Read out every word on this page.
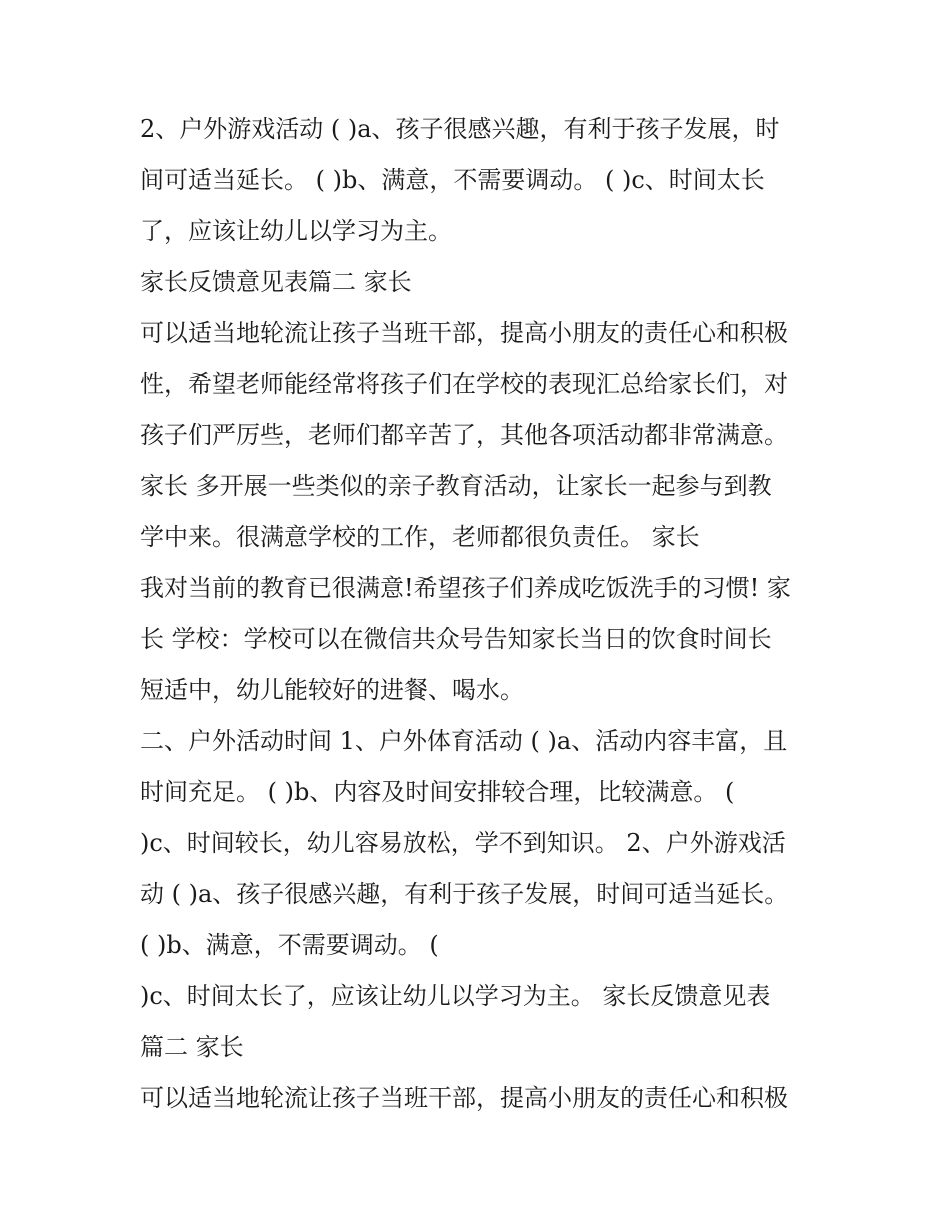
2、户外游戏活动 ( )a、孩子很感兴趣，有利于孩子发展，时
间可适当延长。 ( )b、满意，不需要调动。 ( )c、时间太长
了，应该让幼儿以学习为主。
家长反馈意见表篇二 家长
可以适当地轮流让孩子当班干部，提高小朋友的责任心和积极
性，希望老师能经常将孩子们在学校的表现汇总给家长们，对
孩子们严厉些，老师们都辛苦了，其他各项活动都非常满意。
家长 多开展一些类似的亲子教育活动，让家长一起参与到教
学中来。很满意学校的工作，老师都很负责任。 家长
我对当前的教育已很满意!希望孩子们养成吃饭洗手的习惯! 家
长 学校：学校可以在微信共众号告知家长当日的饮食时间长
短适中，幼儿能较好的进餐、喝水。
二、户外活动时间 1、户外体育活动 ( )a、活动内容丰富，且
时间充足。 ( )b、内容及时间安排较合理，比较满意。 (
)c、时间较长，幼儿容易放松，学不到知识。 2、户外游戏活
动 ( )a、孩子很感兴趣，有利于孩子发展，时间可适当延长。
( )b、满意，不需要调动。 (
)c、时间太长了，应该让幼儿以学习为主。 家长反馈意见表
篇二 家长
可以适当地轮流让孩子当班干部，提高小朋友的责任心和积极
